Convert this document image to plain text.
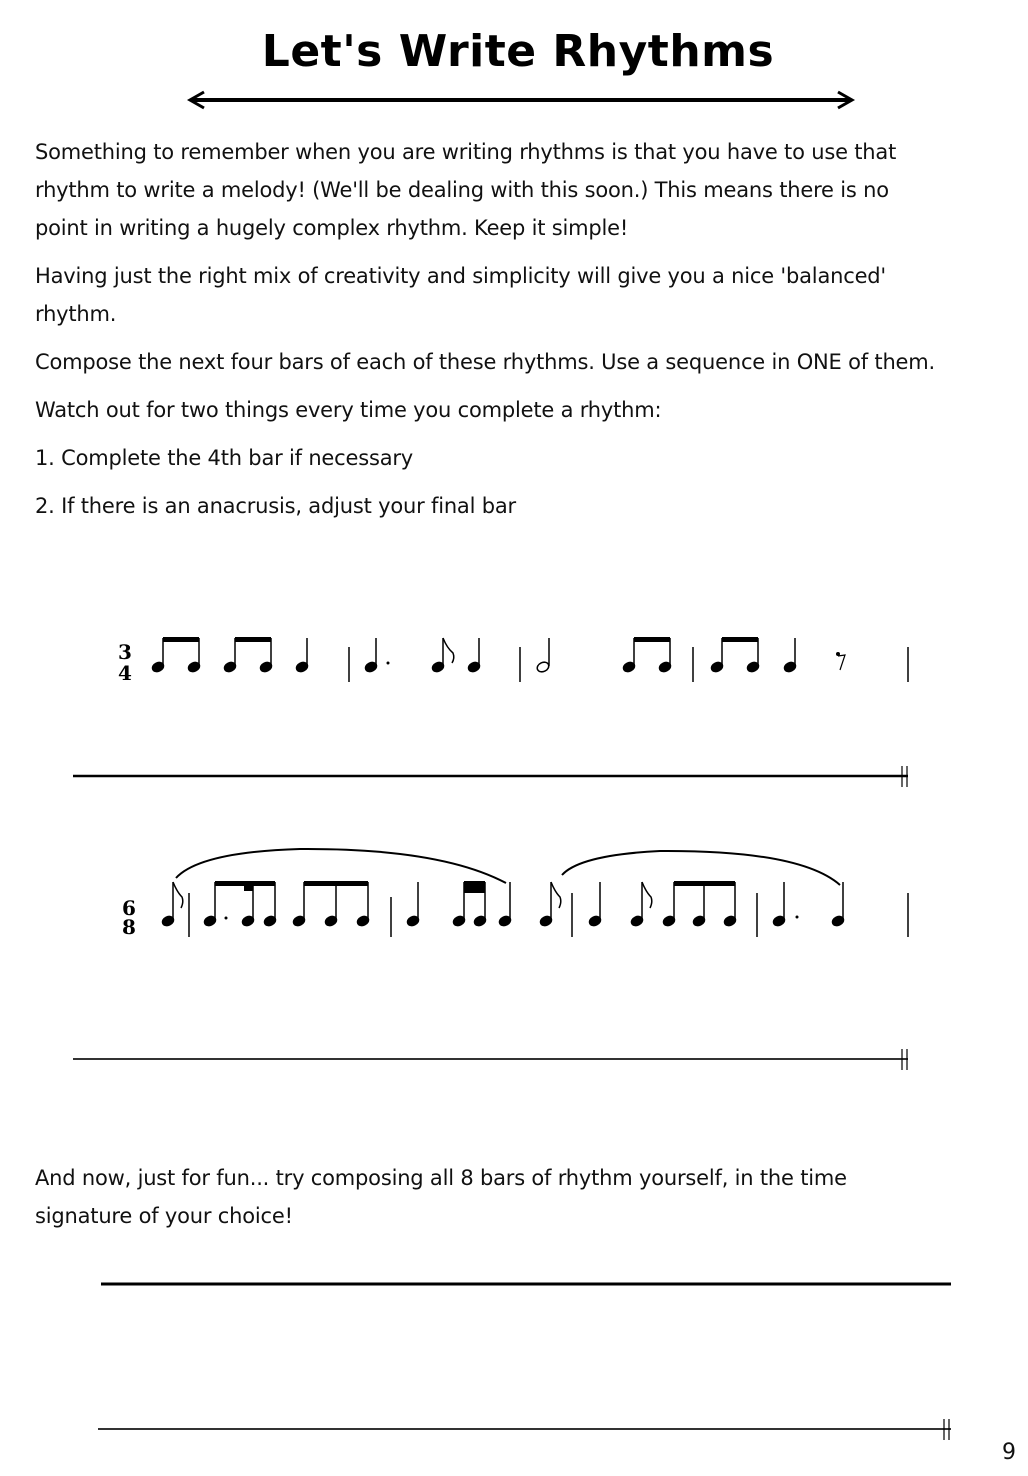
Let's Write Rhythms

Something to remember when you are writing rhythms is that you have to use that

rhythm to write a melody! (We'll be dealing with this soon.) This means there is no

point in writing a hugely complex rhythm. Keep it simple!

Having just the right mix of creativity and simplicity will give you a nice 'balanced'

rhythm.

Compose the next four bars of each of these rhythms. Use a sequence in ONE of them.

Watch out for two things every time you complete a rhythm:

1. Complete the 4th bar if necessary

2. If there is an anacrusis, adjust your final bar

3
4
6
8

And now, just for fun... try composing all 8 bars of rhythm yourself, in the time

signature of your choice!

9
